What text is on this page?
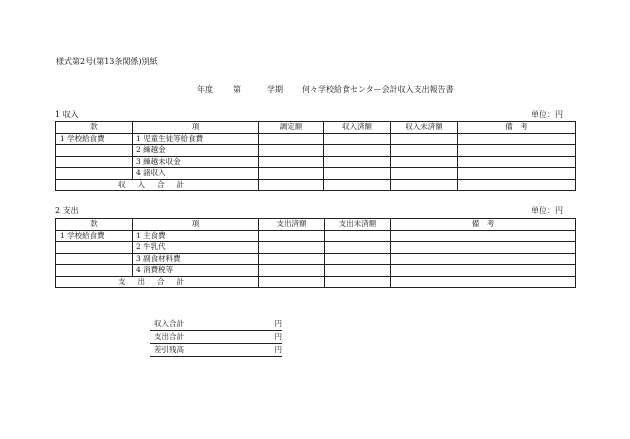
様式第2号(第13条関係)別紙
年度	第	学期 何々学校給食センター会計収入支出報告書
1 収入	単位：円
款	項	調定額	収入済額	収入未済額	備　考
1 学校給食費	1 児童生徒等給食費				
	2 繰越金				
	3 繰越未収金				
	4 諸収入				
収入合計					
2 支出	単位：円
款	項	支出済額	支出未済額	備　考
1 学校給食費	1 主食費			
	2 牛乳代			
	3 副食材料費			
	4 消費税等			
支出合計				
収入合計	円
支出合計	円
差引残高	円
